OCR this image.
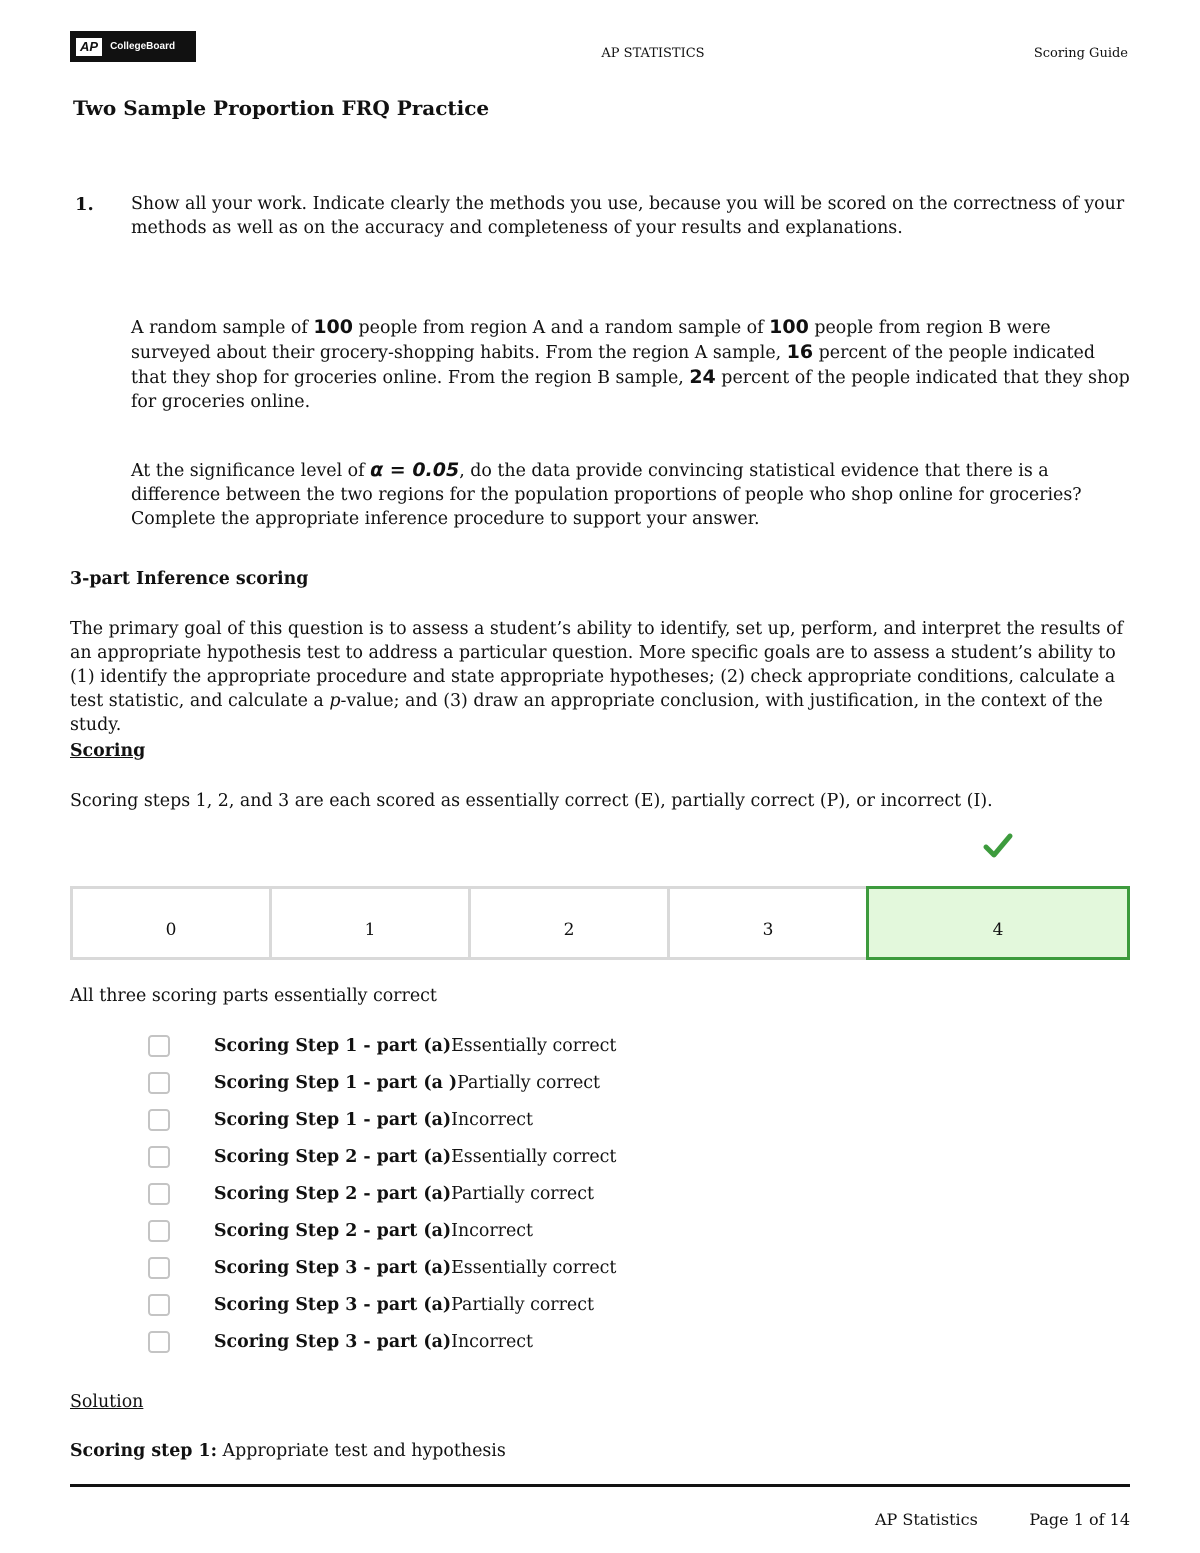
AP	CollegeBoard	AP STATISTICS	Scoring Guide
Two Sample Proportion FRQ Practice
1. Show all your work. Indicate clearly the methods you use, because you will be scored on the correctness of your methods as well as on the accuracy and completeness of your results and explanations.
A random sample of 100 people from region A and a random sample of 100 people from region B were surveyed about their grocery-shopping habits. From the region A sample, 16 percent of the people indicated that they shop for groceries online. From the region B sample, 24 percent of the people indicated that they shop for groceries online.
At the significance level of α = 0.05, do the data provide convincing statistical evidence that there is a difference between the two regions for the population proportions of people who shop online for groceries? Complete the appropriate inference procedure to support your answer.
3-part Inference scoring
The primary goal of this question is to assess a student’s ability to identify, set up, perform, and interpret the results of an appropriate hypothesis test to address a particular question. More specific goals are to assess a student’s ability to (1) identify the appropriate procedure and state appropriate hypotheses; (2) check appropriate conditions, calculate a test statistic, and calculate a p-value; and (3) draw an appropriate conclusion, with justification, in the context of the study.
Scoring
Scoring steps 1, 2, and 3 are each scored as essentially correct (E), partially correct (P), or incorrect (I).
0	1	2	3	4
All three scoring parts essentially correct
Scoring Step 1 - part (a) Essentially correct
Scoring Step 1 - part (a ) Partially correct
Scoring Step 1 - part (a) Incorrect
Scoring Step 2 - part (a) Essentially correct
Scoring Step 2 - part (a) Partially correct
Scoring Step 2 - part (a) Incorrect
Scoring Step 3 - part (a) Essentially correct
Scoring Step 3 - part (a) Partially correct
Scoring Step 3 - part (a) Incorrect
Solution
Scoring step 1: Appropriate test and hypothesis
AP Statistics	Page 1 of 14
